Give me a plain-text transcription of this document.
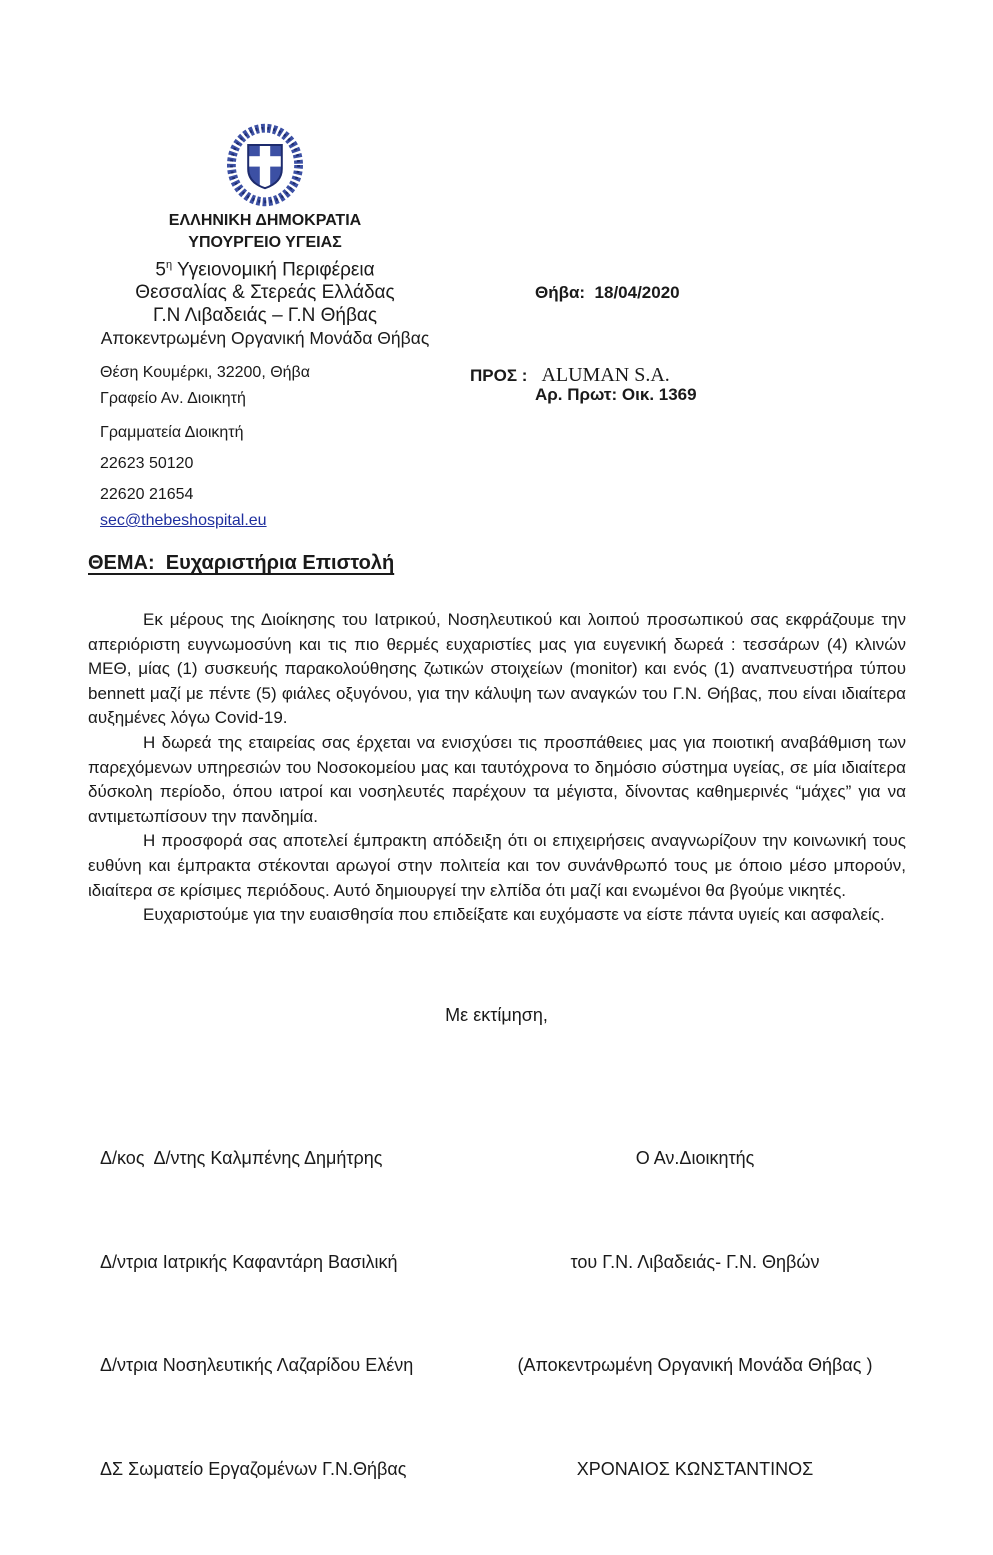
ΕΛΛΗΝΙΚΗ ΔΗΜΟΚΡΑΤΙΑ
ΥΠΟΥΡΓΕΙΟ ΥΓΕΙΑΣ
$5^\eta$ Υγειονομική Περιφέρεια
Θεσσαλίας & Στερεάς Ελλάδας
Γ.Ν Λιβαδειάς – Γ.Ν Θήβας
Αποκεντρωμένη Οργανική Μονάδα Θήβας

Θήβα:  18/04/2020

Αρ. Πρωτ: Οικ. 1369

Θέση Κουμέρκι, 32200, Θήβα
Γραφείο Αν. Διοικητή
Γραμματεία Διοικητή
22623 50120
22620 21654
sec@thebeshospital.eu
ΠΡΟΣ : ALUMAN S.A.
ΘΕΜΑ:  Ευχαριστήρια Επιστολή

Εκ μέρους της Διοίκησης του Ιατρικού, Νοσηλευτικού και λοιπού προσωπικού σας εκφράζουμε την απεριόριστη ευγνωμοσύνη και τις πιο θερμές ευχαριστίες μας για ευγενική δωρεά : τεσσάρων (4) κλινών ΜΕΘ, μίας (1) συσκευής παρακολούθησης ζωτικών στοιχείων (monitor) και ενός (1) αναπνευστήρα τύπου bennett μαζί με πέντε (5) φιάλες οξυγόνου, για την κάλυψη των αναγκών του Γ.Ν. Θήβας, που είναι ιδιαίτερα αυξημένες λόγω Covid-19.

Η δωρεά της εταιρείας σας έρχεται να ενισχύσει τις προσπάθειες μας για ποιοτική αναβάθμιση των παρεχόμενων υπηρεσιών του Νοσοκομείου μας και ταυτόχρονα το δημόσιο σύστημα υγείας, σε μία ιδιαίτερα δύσκολη περίοδο, όπου ιατροί και νοσηλευτές παρέχουν τα μέγιστα, δίνοντας καθημερινές “μάχες” για να αντιμετωπίσουν την πανδημία.

Η προσφορά σας αποτελεί έμπρακτη απόδειξη ότι οι επιχειρήσεις αναγνωρίζουν την κοινωνική τους ευθύνη και έμπρακτα στέκονται αρωγοί στην πολιτεία και τον συνάνθρωπό τους με όποιο μέσο μπορούν, ιδιαίτερα σε κρίσιμες περιόδους. Αυτό δημιουργεί την ελπίδα ότι μαζί και ενωμένοι θα βγούμε νικητές.

Ευχαριστούμε για την ευαισθησία που επιδείξατε και ευχόμαστε να είστε πάντα υγιείς και ασφαλείς.

Με εκτίμηση,

Δ/κος  Δ/ντης Καλμπένης Δημήτρης

Δ/ντρια Ιατρικής Καφαντάρη Βασιλική

Δ/ντρια Νοσηλευτικής Λαζαρίδου Ελένη

ΔΣ Σωματείο Εργαζομένων Γ.Ν.Θήβας

Ο Αν.Διοικητής

του Γ.Ν. Λιβαδειάς- Γ.Ν. Θηβών

(Αποκεντρωμένη Οργανική Μονάδα Θήβας )

ΧΡΟΝΑΙΟΣ ΚΩΝΣΤΑΝΤΙΝΟΣ
